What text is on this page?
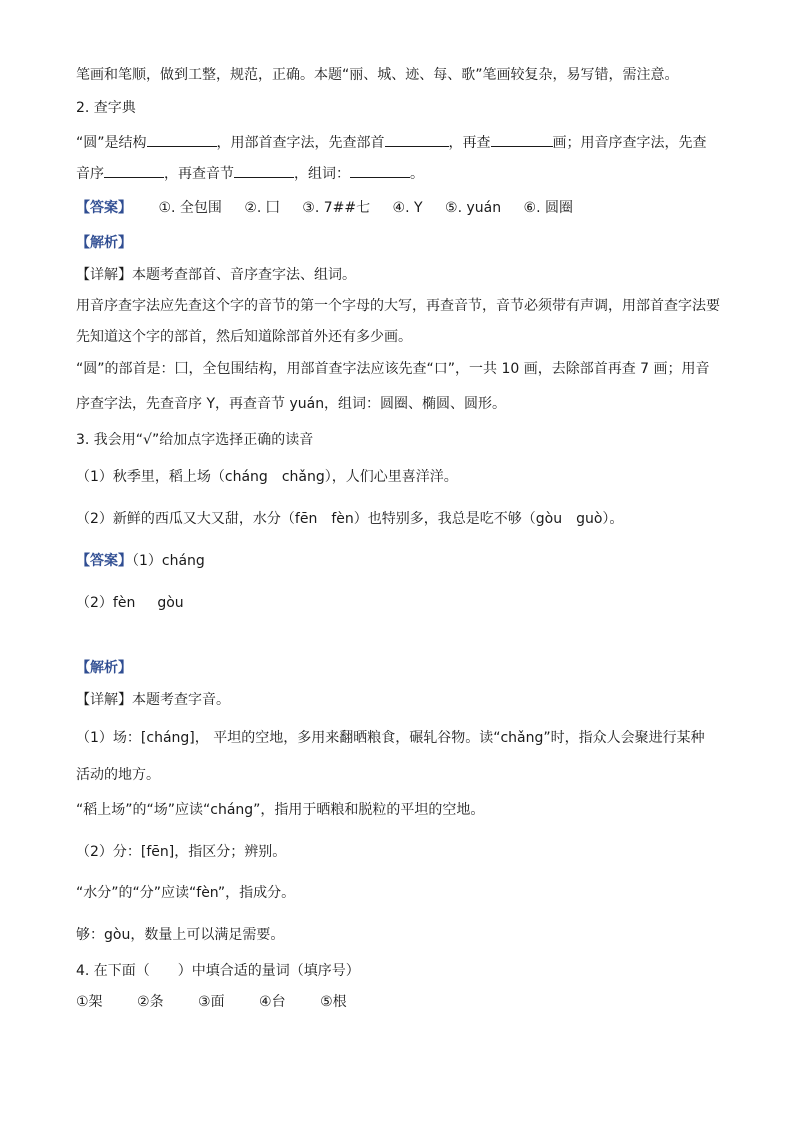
笔画和笔顺，做到工整，规范，正确。本题“丽、城、迹、每、歌”笔画较复杂，易写错，需注意。
2. 查字典
“圆”是结构	，用部首查字法，先查部首	，再查	画；用音序查字法，先查
音序	，再查音节	，组词：	。
【答案】 ①. 全包围 ②. 囗 ③. 7##七 ④. Y ⑤. yuán ⑥. 圆圈
【解析】
【详解】本题考查部首、音序查字法、组词。
用音序查字法应先查这个字的音节的第一个字母的大写，再查音节，音节必须带有声调，用部首查字法要
先知道这个字的部首，然后知道除部首外还有多少画。
“圆”的部首是：囗，全包围结构，用部首查字法应该先查“口”，一共 10 画，去除部首再查 7 画；用音
序查字法，先查音序 Y，再查音节 yuán，组词：圆圈、椭圆、圆形。
3. 我会用“√”给加点字选择正确的读音
（1）秋季里，稻上场（cháng chǎng），人们心里喜洋洋。
（2）新鲜的西瓜又大又甜，水分（fēn fèn）也特别多，我总是吃不够（gòu guò）。
【答案】（1）cháng
（2）fèn gòu
【解析】
【详解】本题考查字音。
（1）场：[cháng]， 平坦的空地，多用来翻晒粮食，碾轧谷物。读“chǎng”时，指众人会聚进行某种
活动的地方。
“稻上场”的“场”应读“cháng”，指用于晒粮和脱粒的平坦的空地。
（2）分：[fēn]，指区分；辨别。
“水分”的“分”应读“fèn”，指成分。
够：gòu，数量上可以满足需要。
4. 在下面（　　）中填合适的量词（填序号）
①架 ②条 ③面 ④台 ⑤根
